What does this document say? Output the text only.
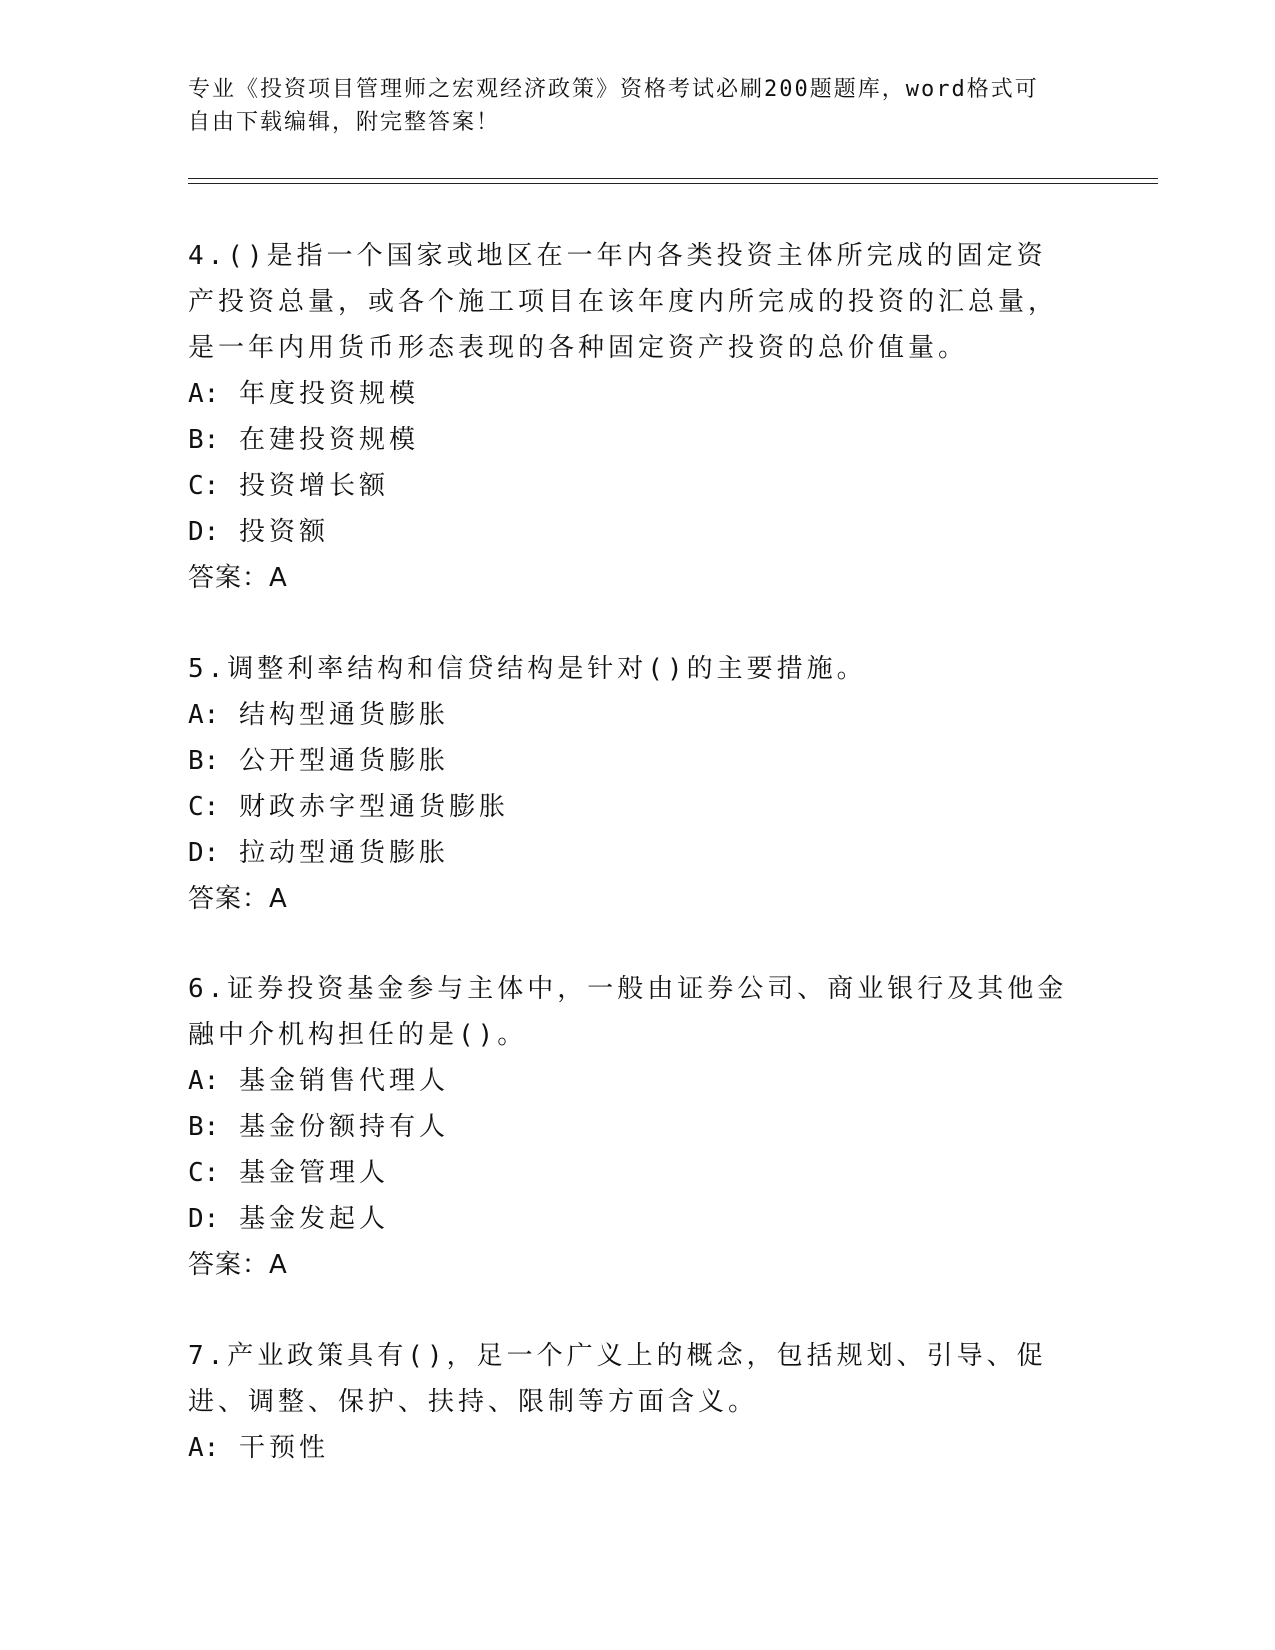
专业《投资项目管理师之宏观经济政策》资格考试必刷200题题库，word格式可
自由下载编辑，附完整答案！
4.()是指一个国家或地区在一年内各类投资主体所完成的固定资产投资总量，或各个施工项目在该年度内所完成的投资的汇总量，是一年内用货币形态表现的各种固定资产投资的总价值量。
A: 年度投资规模
B: 在建投资规模
C: 投资增长额
D: 投资额
答案：A
5.调整利率结构和信贷结构是针对()的主要措施。
A: 结构型通货膨胀
B: 公开型通货膨胀
C: 财政赤字型通货膨胀
D: 拉动型通货膨胀
答案：A
6.证券投资基金参与主体中，一般由证券公司、商业银行及其他金融中介机构担任的是()。
A: 基金销售代理人
B: 基金份额持有人
C: 基金管理人
D: 基金发起人
答案：A
7.产业政策具有()，足一个广义上的概念，包括规划、引导、促进、调整、保护、扶持、限制等方面含义。
A: 干预性
